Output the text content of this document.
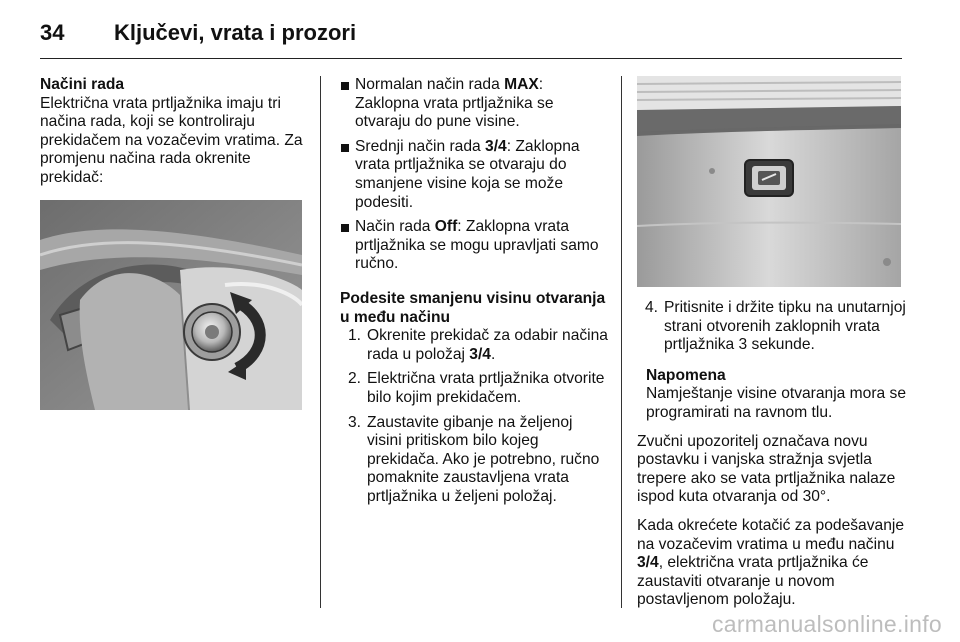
34	Ključevi, vrata i prozori

Načini rada

Električna vrata prtljažnika imaju tri načina rada, koji se kontroliraju prekidačem na vozačevim vratima. Za promjenu načina rada okrenite prekidač:

Normalan način rada MAX: Zaklopna vrata prtljažnika se otvaraju do pune visine.
Srednji način rada 3/4: Zaklopna vrata prtljažnika se otvaraju do smanjene visine koja se može podesiti.
Način rada Off: Zaklopna vrata prtljažnika se mogu upravljati samo ručno.

Podesite smanjenu visinu otvaranja u među načinu

1. Okrenite prekidač za odabir načina rada u položaj 3/4.
2. Električna vrata prtljažnika otvorite bilo kojim prekidačem.
3. Zaustavite gibanje na željenoj visini pritiskom bilo kojeg prekidača. Ako je potrebno, ručno pomaknite zaustavljena vrata prtljažnika u željeni položaj.
4. Pritisnite i držite tipku na unutarnjoj strani otvorenih zaklopnih vrata prtljažnika 3 sekunde.

Napomena

Namještanje visine otvaranja mora se programirati na ravnom tlu.

Zvučni upozoritelj označava novu postavku i vanjska stražnja svjetla trepere ako se vata prtljažnika nalaze ispod kuta otvaranja od 30°.

Kada okrećete kotačić za podešavanje na vozačevim vratima u među načinu 3/4, električna vrata prtljažnika će zaustaviti otvaranje u novom postavljenom položaju.

carmanualsonline.info
